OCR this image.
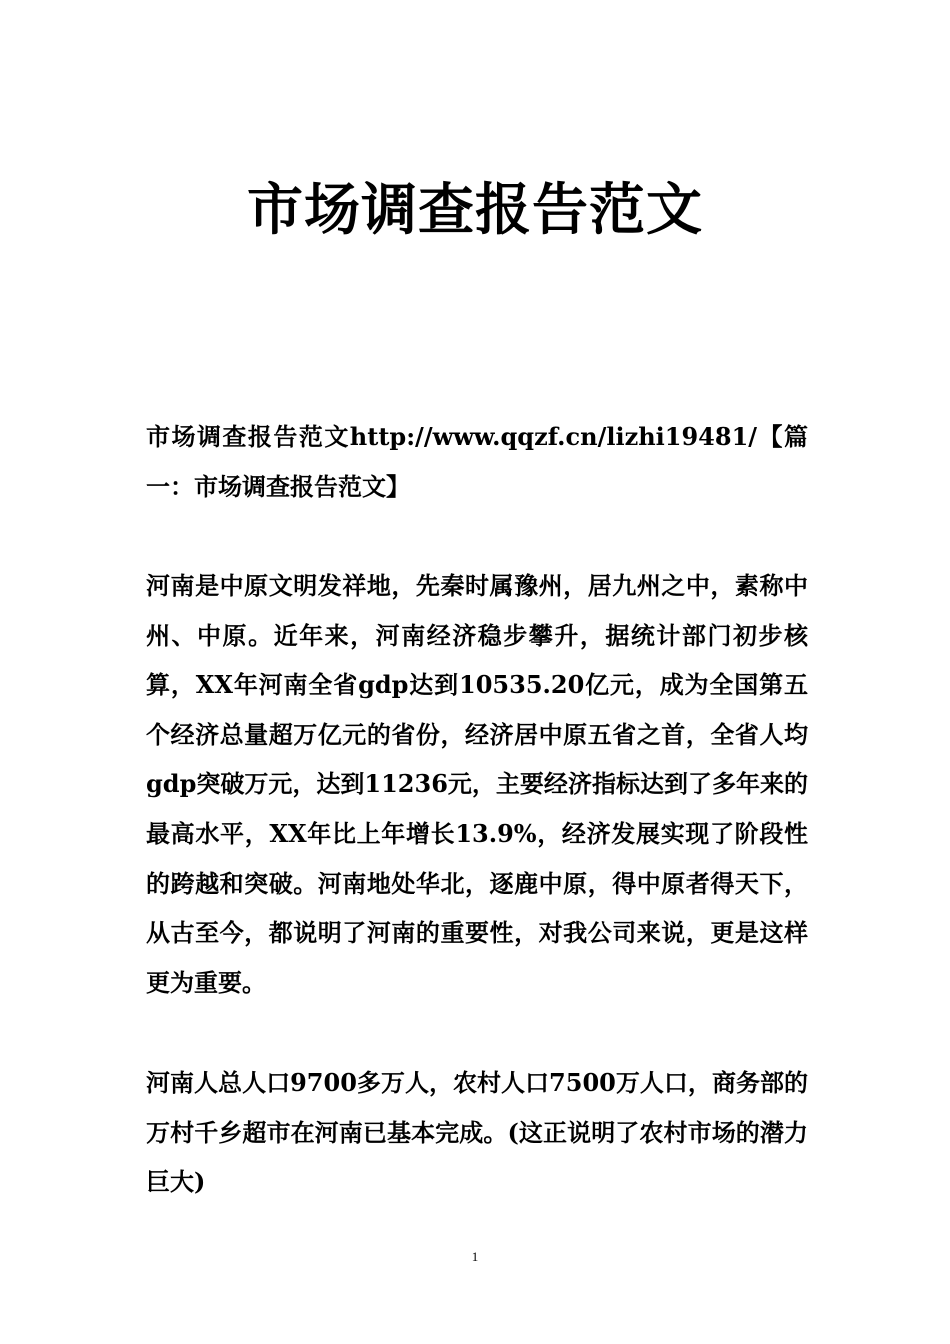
市场调查报告范文

市场调查报告范文http://www.qqzf.cn/lizhi19481/【篇一：市场调查报告范文】

河南是中原文明发祥地，先秦时属豫州，居九州之中，素称中州、中原。近年来，河南经济稳步攀升，据统计部门初步核算，XX年河南全省gdp达到10535.20亿元，成为全国第五个经济总量超万亿元的省份，经济居中原五省之首，全省人均gdp突破万元，达到11236元，主要经济指标达到了多年来的最高水平，XX年比上年增长13.9%，经济发展实现了阶段性的跨越和突破。河南地处华北，逐鹿中原，得中原者得天下，从古至今，都说明了河南的重要性，对我公司来说，更是这样更为重要。

河南人总人口9700多万人，农村人口7500万人口，商务部的万村千乡超市在河南已基本完成。(这正说明了农村市场的潜力巨大)

1
